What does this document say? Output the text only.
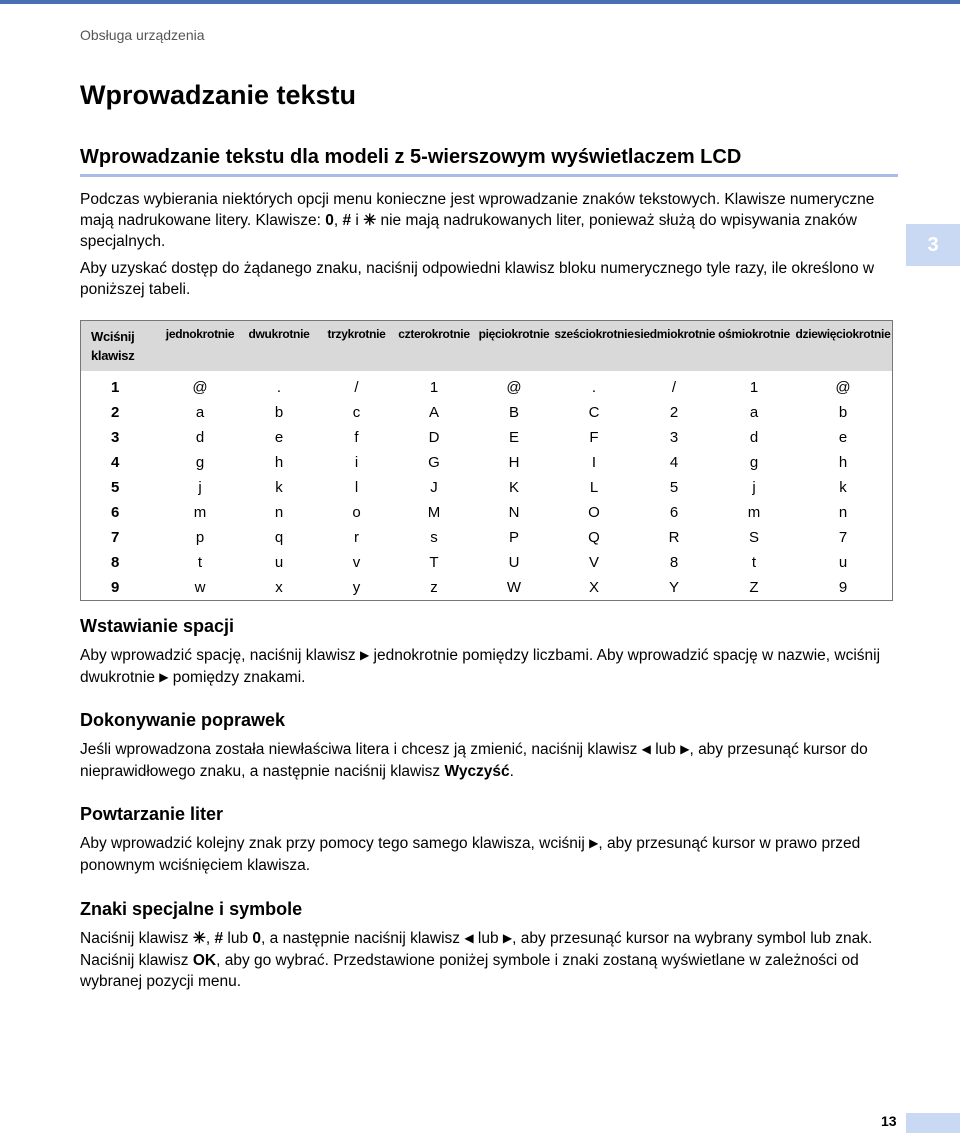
Obsługa urządzenia
Wprowadzanie tekstu
Wprowadzanie tekstu dla modeli z 5-wierszowym wyświetlaczem LCD
3

Podczas wybierania niektórych opcji menu konieczne jest wprowadzanie znaków tekstowych. Klawisze numeryczne mają nadrukowane litery. Klawisze: 0, # i ✳ nie mają nadrukowanych liter, ponieważ służą do wpisywania znaków specjalnych.

Aby uzyskać dostęp do żądanego znaku, naciśnij odpowiedni klawisz bloku numerycznego tyle razy, ile określono w poniższej tabeli.

Wciśnij klawisz	jednokrotnie	dwukrotnie	trzykrotnie	czterokrotnie	pięciokrotnie	sześciokrotnie	siedmiokrotnie	ośmiokrotnie	dziewięciokrotnie
1	@	.	/	1	@	.	/	1	@
2	a	b	c	A	B	C	2	a	b
3	d	e	f	D	E	F	3	d	e
4	g	h	i	G	H	I	4	g	h
5	j	k	l	J	K	L	5	j	k
6	m	n	o	M	N	O	6	m	n
7	p	q	r	s	P	Q	R	S	7
8	t	u	v	T	U	V	8	t	u
9	w	x	y	z	W	X	Y	Z	9
Wstawianie spacji

Aby wprowadzić spację, naciśnij klawisz ▶ jednokrotnie pomiędzy liczbami. Aby wprowadzić spację w nazwie, wciśnij dwukrotnie ▶ pomiędzy znakami.

Dokonywanie poprawek

Jeśli wprowadzona została niewłaściwa litera i chcesz ją zmienić, naciśnij klawisz ◀ lub ▶, aby przesunąć kursor do nieprawidłowego znaku, a następnie naciśnij klawisz Wyczyść.

Powtarzanie liter

Aby wprowadzić kolejny znak przy pomocy tego samego klawisza, wciśnij ▶, aby przesunąć kursor w prawo przed ponownym wciśnięciem klawisza.

Znaki specjalne i symbole

Naciśnij klawisz ✳, # lub 0, a następnie naciśnij klawisz ◀ lub ▶, aby przesunąć kursor na wybrany symbol lub znak. Naciśnij klawisz OK, aby go wybrać. Przedstawione poniżej symbole i znaki zostaną wyświetlane w zależności od wybranej pozycji menu.

13
